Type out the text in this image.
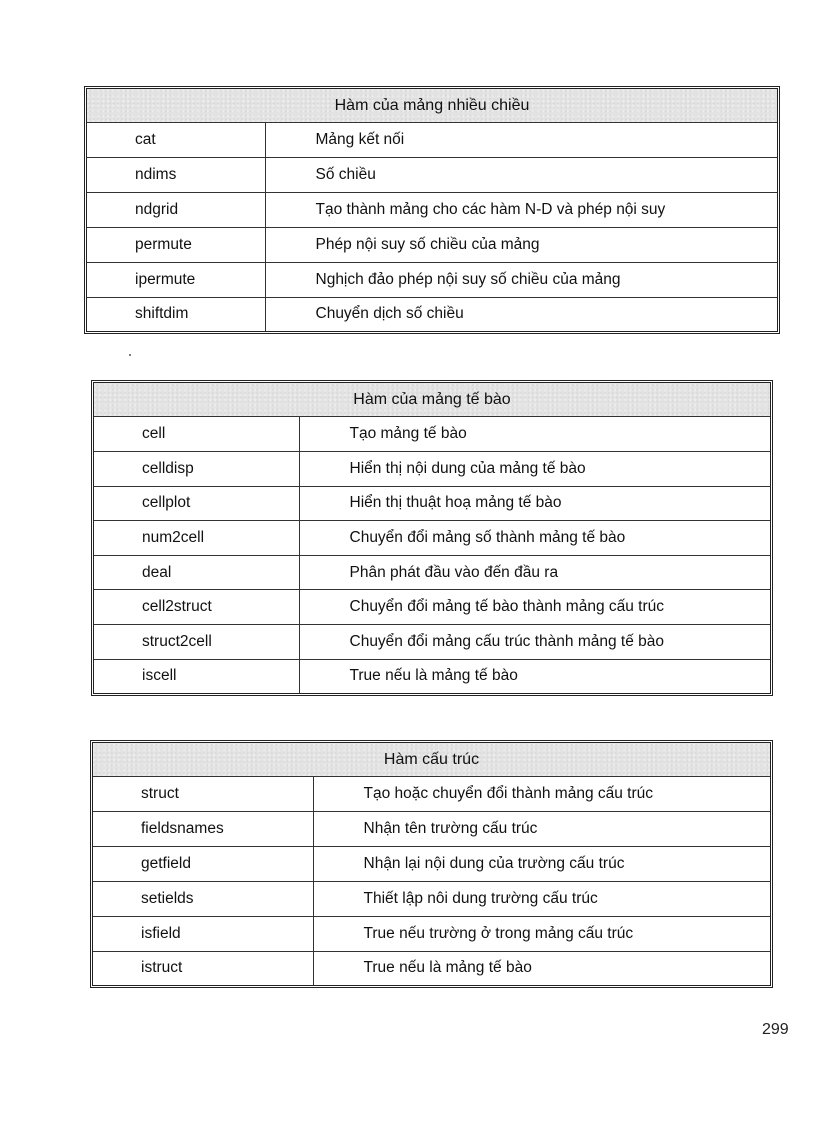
Hàm của mảng nhiều chiều	
cat	Mảng kết nối
ndims	Số chiều
ndgrid	Tạo thành mảng cho các hàm N-D và phép nội suy
permute	Phép nội suy số chiều của mảng
ipermute	Nghịch đảo phép nội suy số chiều của mảng
shiftdim	Chuyển dịch số chiều
Hàm của mảng tế bào	
cell	Tạo mảng tế bào
celldisp	Hiển thị nội dung của mảng tế bào
cellplot	Hiển thị thuật hoạ mảng tế bào
num2cell	Chuyển đổi mảng số thành mảng tế bào
deal	Phân phát đầu vào đến đầu ra
cell2struct	Chuyển đổi mảng tế bào thành mảng cấu trúc
struct2cell	Chuyển đổi mảng cấu trúc thành mảng tế bào
iscell	True nếu là mảng tế bào
Hàm cấu trúc	
struct	Tạo hoặc chuyển đổi thành mảng cấu trúc
fieldsnames	Nhận tên trường cấu trúc
getfield	Nhận lại nội dung của trường cấu trúc
setields	Thiết lập nôi dung trường cấu trúc
isfield	True nếu trường ở trong mảng cấu trúc
istruct	True nếu là mảng tế bào
299
